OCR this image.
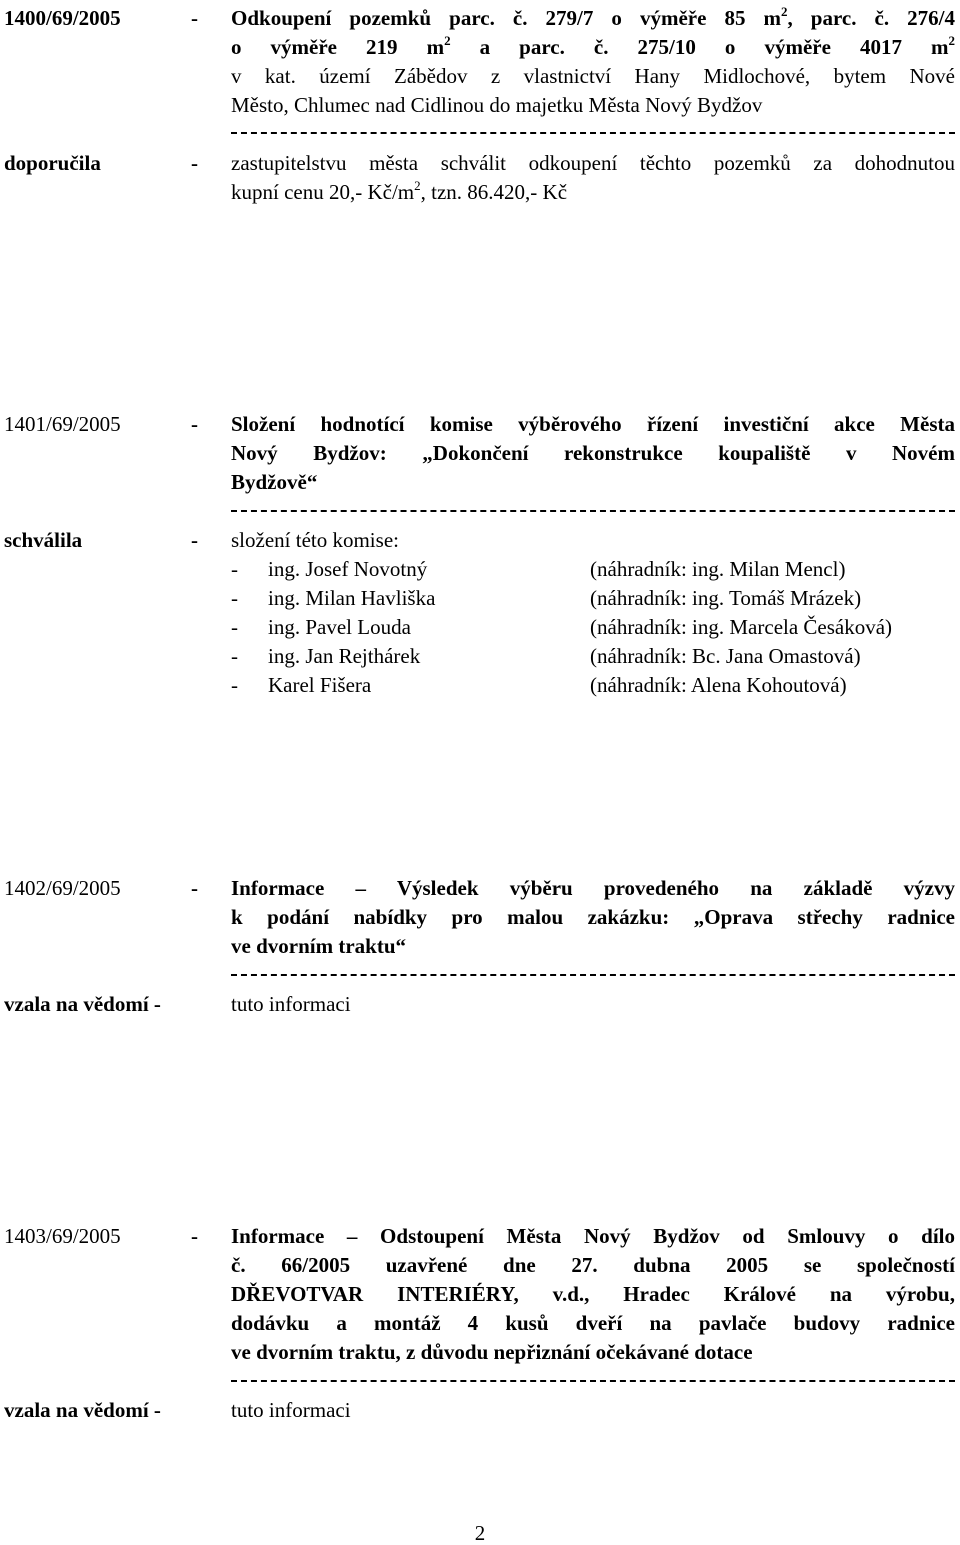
1400/69/2005	- Odkoupení pozemků parc. č. 279/7 o výměře 85 $m^2$, parc. č. 276/4
o výměře 219 $m^2$ a parc. č. 275/10 o výměře 4017 $m^2$
v kat. území Zábědov z vlastnictví Hany Midlochové, bytem Nové
Město, Chlumec nad Cidlinou do majetku Města Nový Bydžov
doporučila	- zastupitelstvu města schválit odkoupení těchto pozemků za dohodnutou
kupní cenu 20,- $Kč/m^2$, tzn. 86.420,- Kč
1401/69/2005	- Složení hodnotící komise výběrového řízení investiční akce Města
Nový Bydžov: „Dokončení rekonstrukce koupaliště v Novém
Bydžově“
schválila	- složení této komise:
- ing. Josef Novotný	(náhradník: ing. Milan Mencl)
- ing. Milan Havliška	(náhradník: ing. Tomáš Mrázek)
- ing. Pavel Louda	(náhradník: ing. Marcela Česáková)
- ing. Jan Rejthárek	(náhradník: Bc. Jana Omastová)
- Karel Fišera	(náhradník: Alena Kohoutová)
1402/69/2005	- Informace – Výsledek výběru provedeného na základě výzvy
k podání nabídky pro malou zakázku: „Oprava střechy radnice
ve dvorním traktu“
vzala na vědomí -	tuto informaci
1403/69/2005	- Informace – Odstoupení Města Nový Bydžov od Smlouvy o dílo
č. 66/2005 uzavřené dne 27. dubna 2005 se společností
DŘEVOTVAR INTERIÉRY, v.d., Hradec Králové na výrobu,
dodávku a montáž 4 kusů dveří na pavlače budovy radnice
ve dvorním traktu, z důvodu nepřiznání očekávané dotace
vzala na vědomí -	tuto informaci
2
